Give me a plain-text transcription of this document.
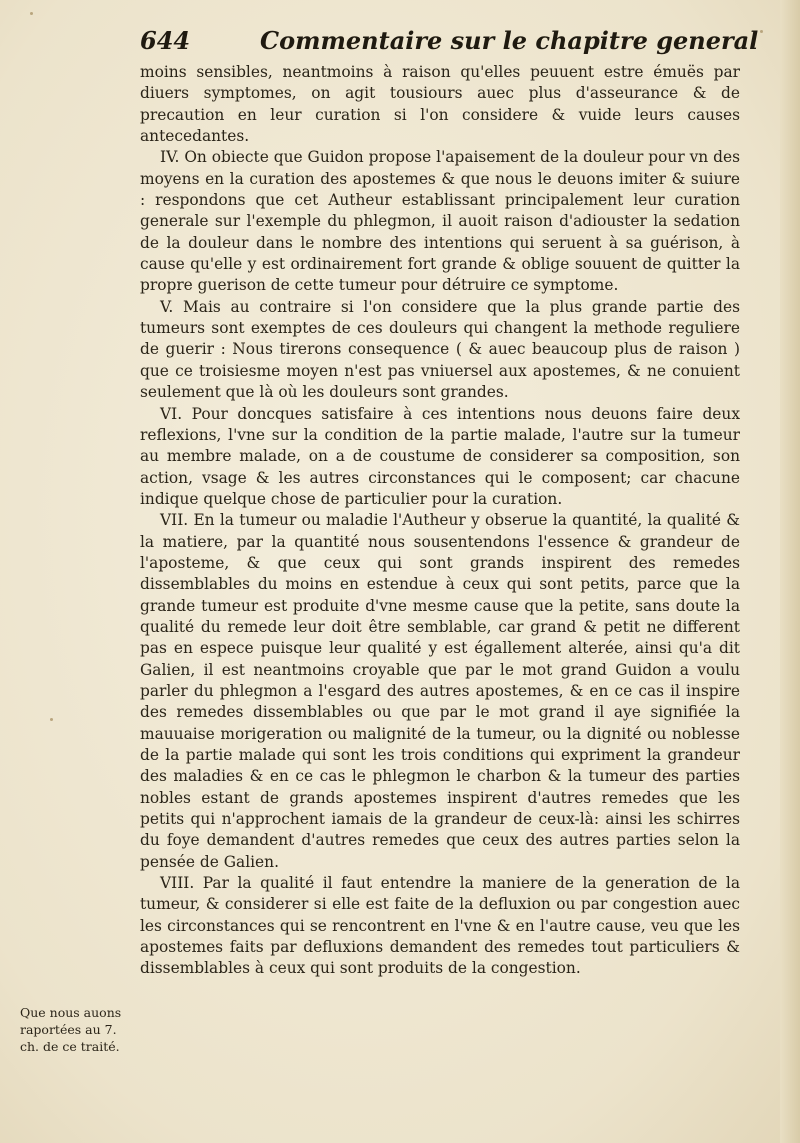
644	Commentaire sur le chapitre general

moins sensibles, neantmoins à raison qu'elles peuuent estre émuës par diuers symptomes, on agit tousiours auec plus d'asseurance & de precaution en leur curation si l'on considere & vuide leurs causes antecedantes.

IV. On obiecte que Guidon propose l'apaisement de la douleur pour vn des moyens en la curation des apostemes & que nous le deuons imiter & suiure : respondons que cet Autheur establissant principalement leur curation generale sur l'exemple du phlegmon, il auoit raison d'adiouster la sedation de la douleur dans le nombre des intentions qui seruent à sa guérison, à cause qu'elle y est ordinairement fort grande & oblige souuent de quitter la propre guerison de cette tumeur pour détruire ce symptome.

V. Mais au contraire si l'on considere que la plus grande partie des tumeurs sont exemptes de ces douleurs qui changent la methode reguliere de guerir : Nous tirerons consequence ( & auec beaucoup plus de raison ) que ce troisiesme moyen n'est pas vniuersel aux apostemes, & ne conuient seulement que là où les douleurs sont grandes.

VI. Pour doncques satisfaire à ces intentions nous deuons faire deux reflexions, l'vne sur la condition de la partie malade, l'autre sur la tumeur au membre malade, on a de coustume de considerer sa composition, son action, vsage & les autres circonstances qui le composent; car chacune indique quelque chose de particulier pour la curation.

VII. En la tumeur ou maladie l'Autheur y obserue la quantité, la qualité & la matiere, par la quantité nous sousentendons l'essence & grandeur de l'aposteme, & que ceux qui sont grands inspirent des remedes dissemblables du moins en estendue à ceux qui sont petits, parce que la grande tumeur est produite d'vne mesme cause que la petite, sans doute la qualité du remede leur doit être semblable, car grand & petit ne different pas en espece puisque leur qualité y est égallement alterée, ainsi qu'a dit Galien, il est neantmoins croyable que par le mot grand Guidon a voulu parler du phlegmon a l'esgard des autres apostemes, & en ce cas il inspire des remedes dissemblables ou que par le mot grand il aye signifiée la mauuaise morigeration ou malignité de la tumeur, ou la dignité ou noblesse de la partie malade qui sont les trois conditions qui expriment la grandeur des maladies & en ce cas le phlegmon le charbon & la tumeur des parties nobles estant de grands apostemes inspirent d'autres remedes que les petits qui n'approchent iamais de la grandeur de ceux-là: ainsi les schirres du foye demandent d'autres remedes que ceux des autres parties selon la pensée de Galien.

VIII. Par la qualité il faut entendre la maniere de la generation de la tumeur, & considerer si elle est faite de la defluxion ou par congestion auec les circonstances qui se rencontrent en l'vne & en l'autre cause, veu que les apostemes faits par defluxions demandent des remedes tout particuliers & dissemblables à ceux qui sont produits de la congestion.

Que nous auons raportées au 7. ch. de ce traité.
